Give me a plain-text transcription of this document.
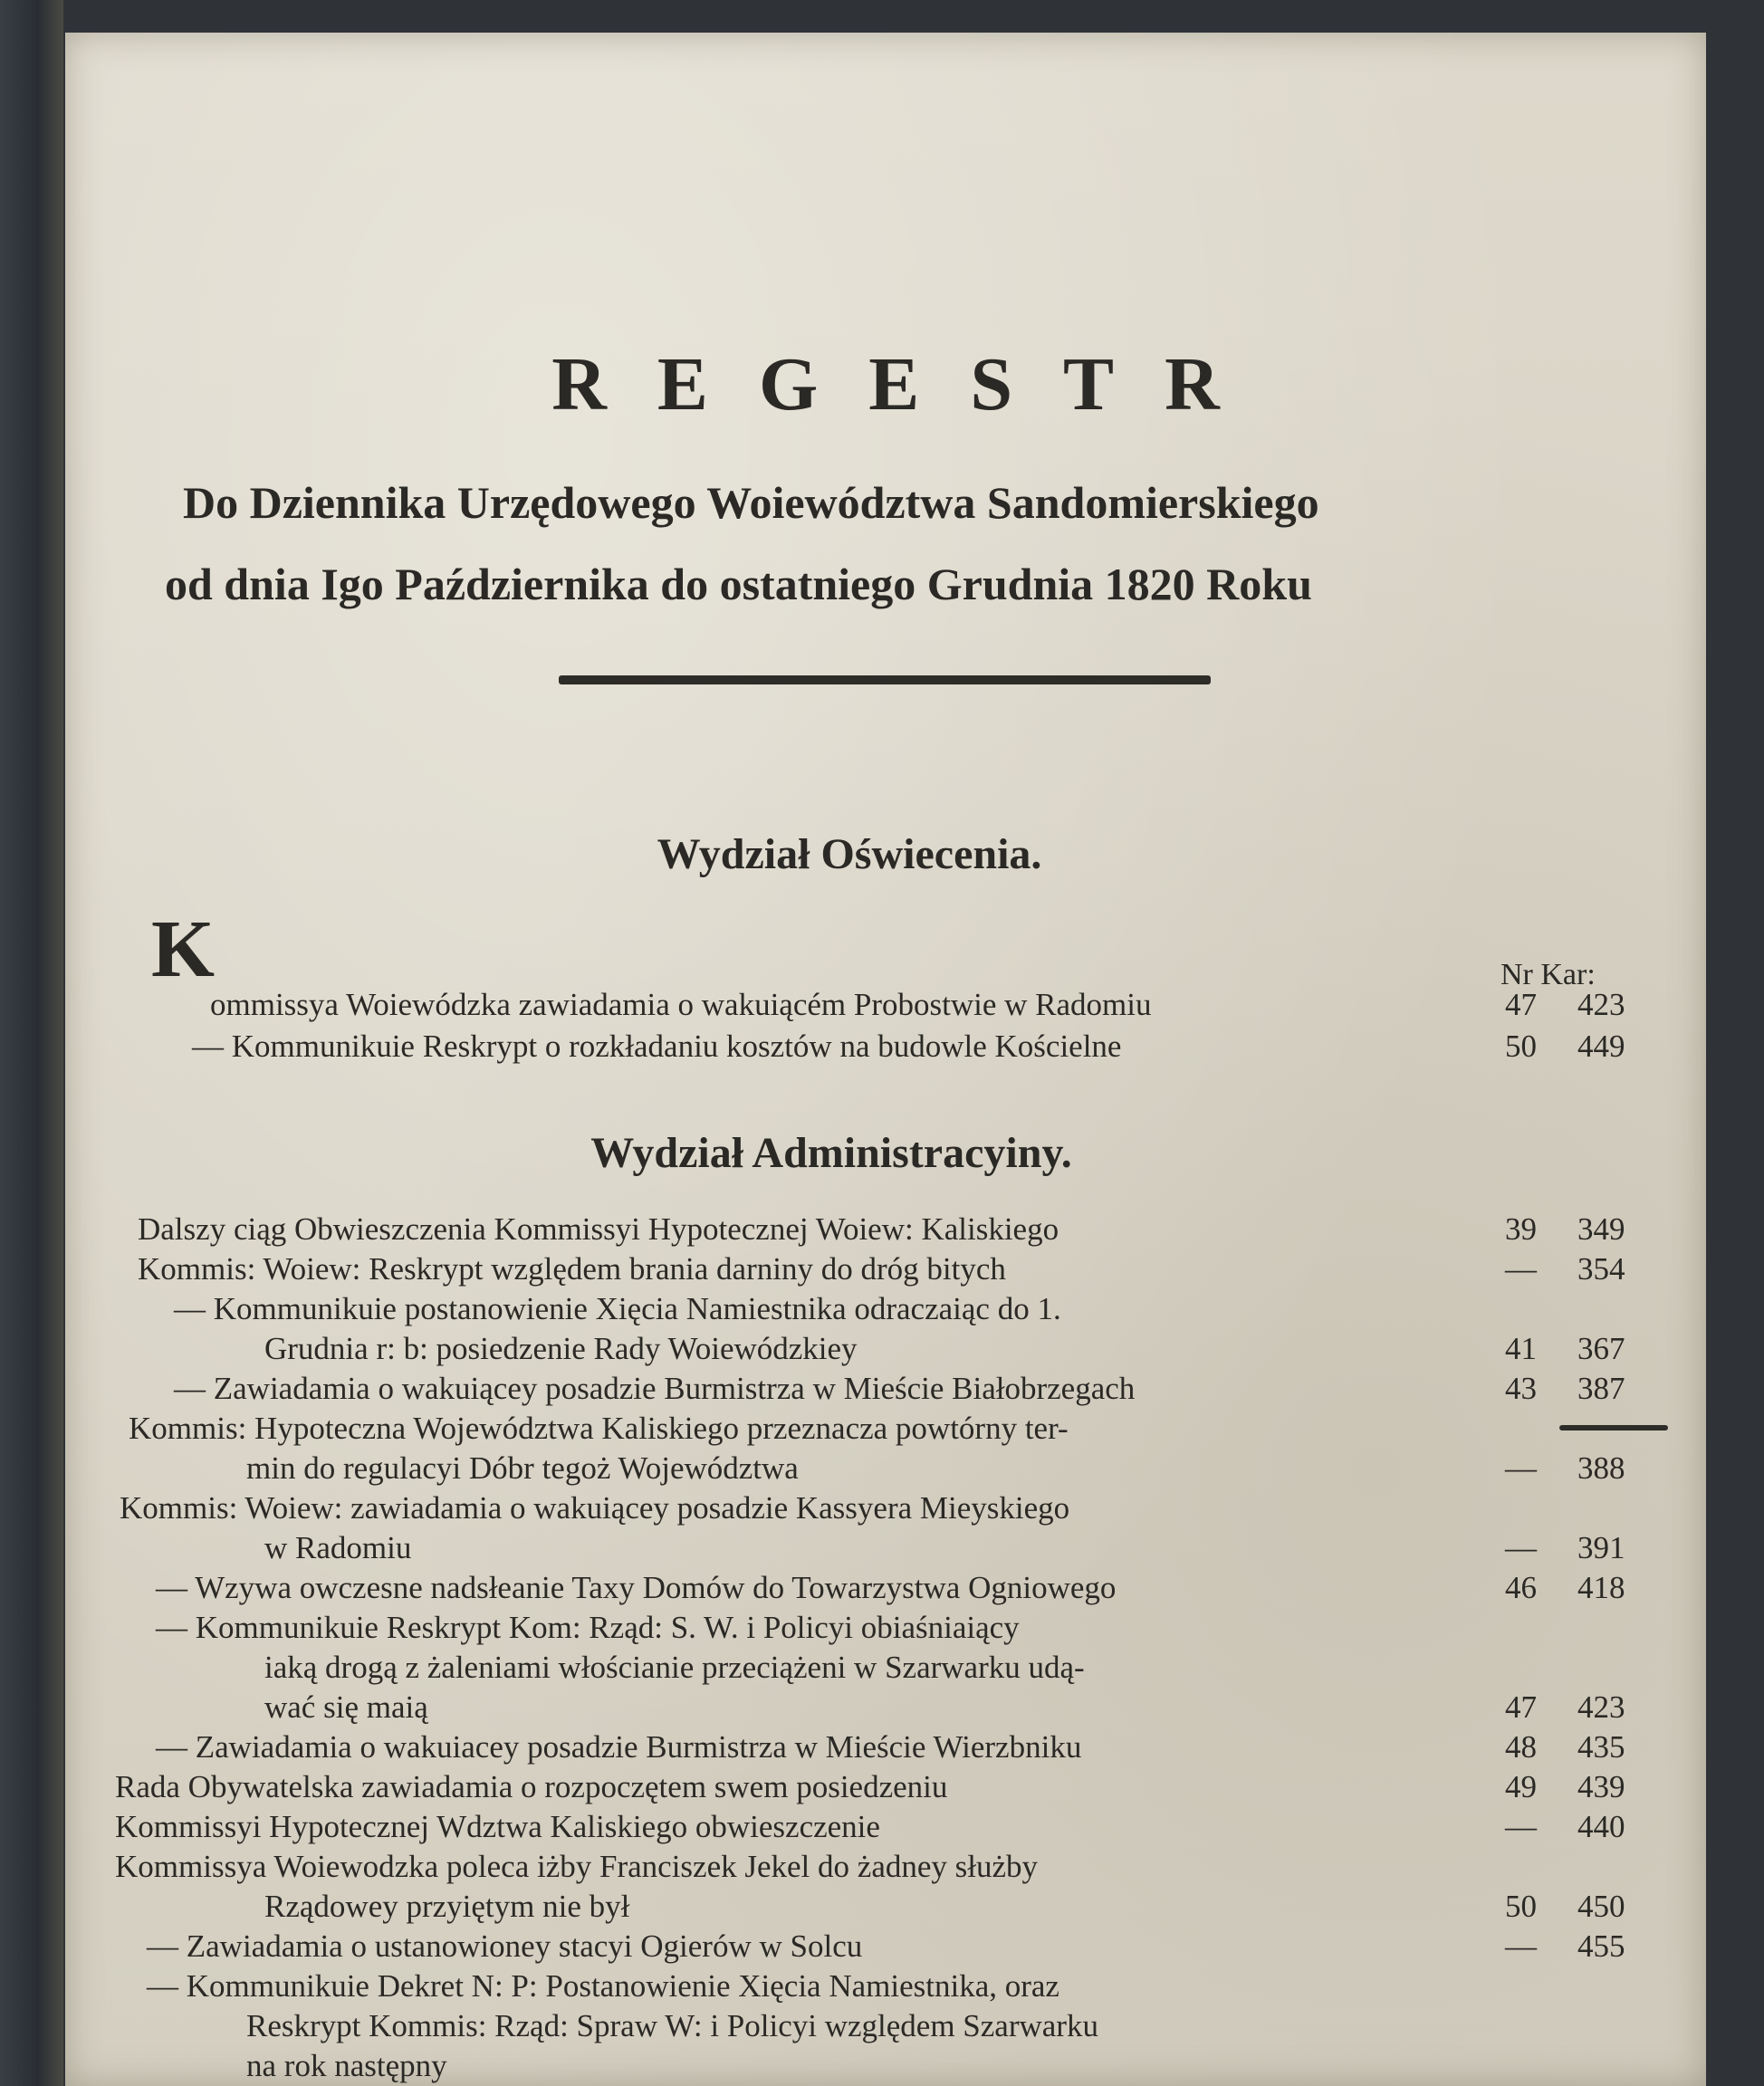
REGESTR
Do Dziennika Urzędowego Woiewództwa Sandomierskiego
od dnia Igo Października do ostatniego Grudnia 1820 Roku
Wydział Oświecenia.
K	Nr Kar:
ommissya Woiewódzka zawiadamia o wakuiącém Probostwie w Radomiu	47 423
— Kommunikuie Reskrypt o rozkładaniu kosztów na budowle Kościelne	50 449
Wydział Administracyiny.
Dalszy ciąg Obwieszczenia Kommissyi Hypotecznej Woiew: Kaliskiego	39 349
Kommis: Woiew: Reskrypt względem brania darniny do dróg bitych	— 354
— Kommunikuie postanowienie Xięcia Namiestnika odraczaiąc do 1.
Grudnia r: b: posiedzenie Rady Woiewódzkiey	41 367
— Zawiadamia o wakuiącey posadzie Burmistrza w Mieście Białobrzegach	43 387
Kommis: Hypoteczna Województwa Kaliskiego przeznacza powtórny ter-
min do regulacyi Dóbr tegoż Województwa	— 388
Kommis: Woiew: zawiadamia o wakuiącey posadzie Kassyera Mieyskiego
w Radomiu	— 391
— Wzywa owczesne nadsłeanie Taxy Domów do Towarzystwa Ogniowego	46 418
— Kommunikuie Reskrypt Kom: Rząd: S. W. i Policyi obiaśniaiący
iaką drogą z żaleniami włościanie przeciążeni w Szarwarku udą-
wać się maią	47 423
— Zawiadamia o wakuiacey posadzie Burmistrza w Mieście Wierzbniku	48 435
Rada Obywatelska zawiadamia o rozpoczętem swem posiedzeniu	49 439
Kommissyi Hypotecznej Wdztwa Kaliskiego obwieszczenie	— 440
Kommissya Woiewodzka poleca iżby Franciszek Jekel do żadney służby
Rządowey przyiętym nie był	50 450
— Zawiadamia o ustanowioney stacyi Ogierów w Solcu	— 455
— Kommunikuie Dekret N: P: Postanowienie Xięcia Namiestnika, oraz
Reskrypt Kommis: Rząd: Spraw W: i Policyi względem Szarwarku
na rok następny
